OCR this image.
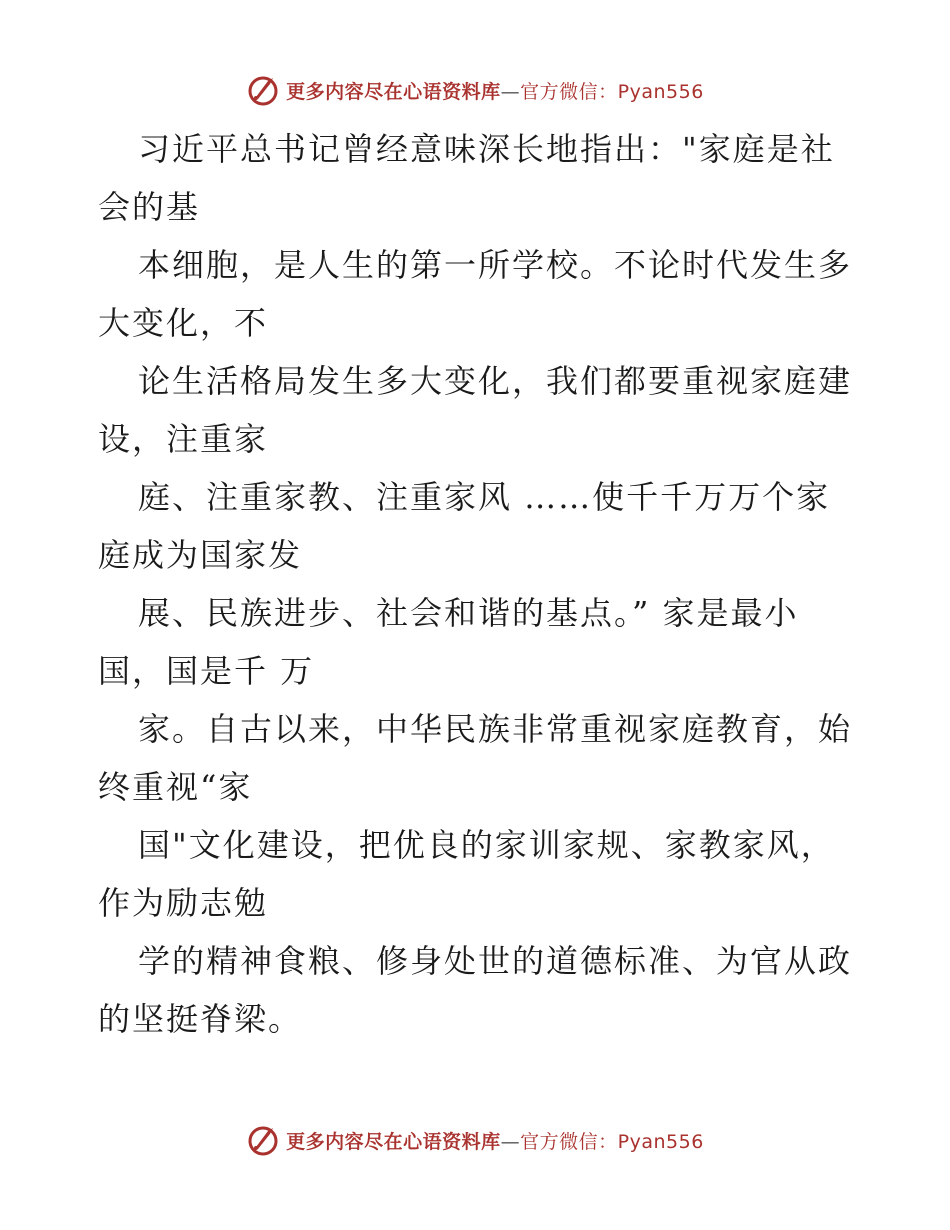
更多内容尽在心语资料库—官方微信：Pyan556

习近平总书记曾经意味深长地指出："家庭是社
会的基

本细胞，是人生的第一所学校。不论时代发生多
大变化，不

论生活格局发生多大变化，我们都要重视家庭建
设，注重家

庭、注重家教、注重家风 ……使千千万万个家
庭成为国家发

展、民族进步、社会和谐的基点。” 家是最小
国，国是千 万

家。自古以来，中华民族非常重视家庭教育，始
终重视“家

国"文化建设，把优良的家训家规、家教家风，
作为励志勉

学的精神食粮、修身处世的道德标准、为官从政
的坚挺脊梁。

更多内容尽在心语资料库—官方微信：Pyan556
